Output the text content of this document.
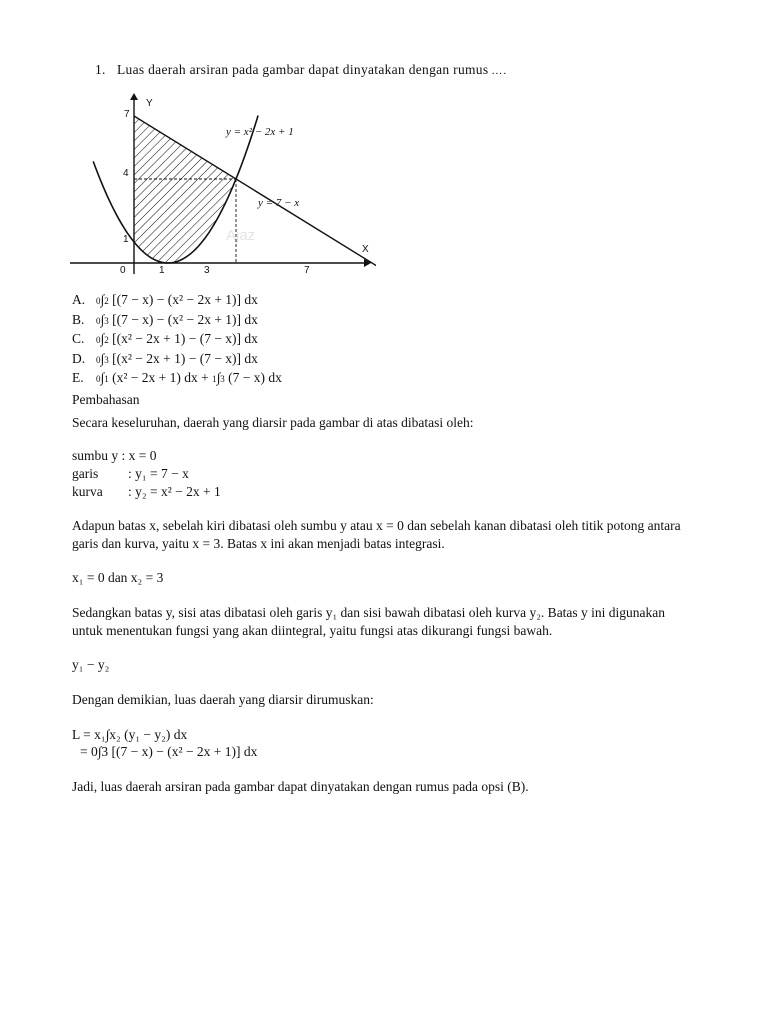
1. Luas daerah arsiran pada gambar dapat dinyatakan dengan rumus ….
Ajaz
Y
X
7
4
1
0	1	3	7
y = x² − 2x + 1
y = 7 − x
A. 0∫2 [(7 − x) − (x² − 2x + 1)] dx
B. 0∫3 [(7 − x) − (x² − 2x + 1)] dx
C. 0∫2 [(x² − 2x + 1) − (7 − x)] dx
D. 0∫3 [(x² − 2x + 1) − (7 − x)] dx
E. 0∫1 (x² − 2x + 1) dx + 1∫3 (7 − x) dx
Pembahasan
Secara keseluruhan, daerah yang diarsir pada gambar di atas dibatasi oleh:
sumbu y : x = 0
garis : y₁ = 7 − x
kurva : y₂ = x² − 2x + 1
Adapun batas x, sebelah kiri dibatasi oleh sumbu y atau x = 0 dan sebelah kanan dibatasi oleh titik potong antara garis dan kurva, yaitu x = 3. Batas x ini akan menjadi batas integrasi.
x₁ = 0 dan x₂ = 3
Sedangkan batas y, sisi atas dibatasi oleh garis y₁ dan sisi bawah dibatasi oleh kurva y₂. Batas y ini digunakan untuk menentukan fungsi yang akan diintegral, yaitu fungsi atas dikurangi fungsi bawah.
y₁ − y₂
Dengan demikian, luas daerah yang diarsir dirumuskan:
L = x₁∫x₂ (y₁ − y₂) dx
= 0∫3 [(7 − x) − (x² − 2x + 1)] dx
Jadi, luas daerah arsiran pada gambar dapat dinyatakan dengan rumus pada opsi (B).
